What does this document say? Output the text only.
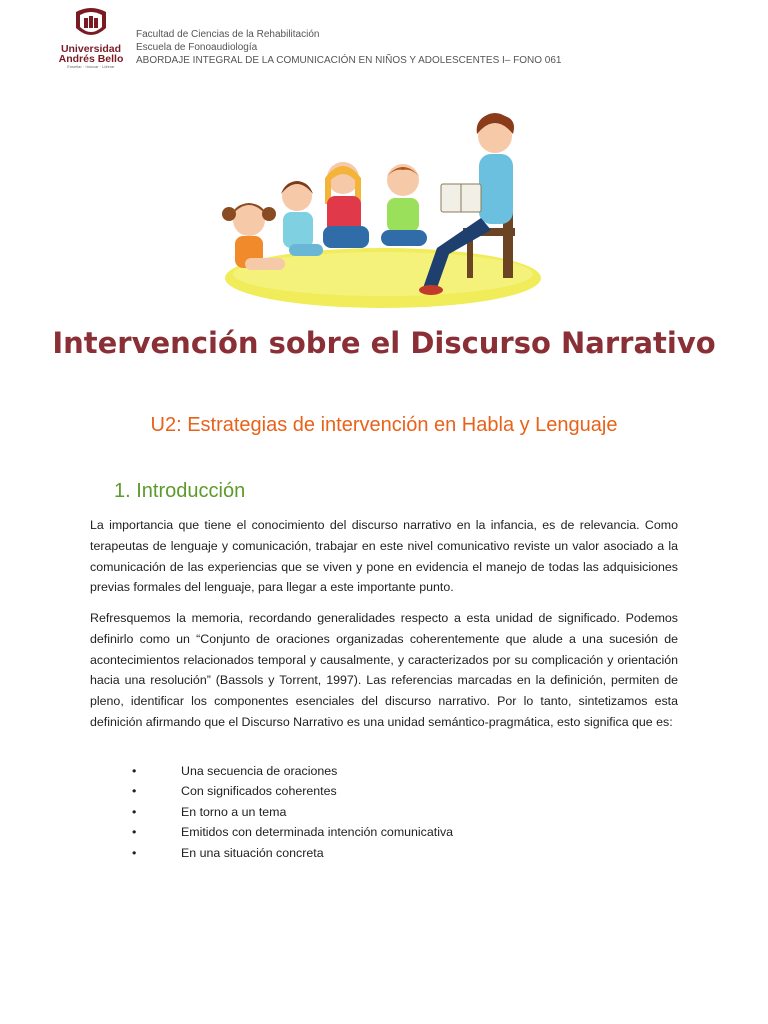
Universidad Andrés Bello
Enseñar · Innovar · Liderar
Facultad de Ciencias de la Rehabilitación
Escuela de Fonoaudiología
ABORDAJE INTEGRAL DE LA COMUNICACIÓN EN NIÑOS Y ADOLESCENTES I– FONO 061
Intervención sobre el Discurso Narrativo
U2: Estrategias de intervención en Habla y Lenguaje
1. Introducción
La importancia que tiene el conocimiento del discurso narrativo en la infancia, es de relevancia. Como terapeutas de lenguaje y comunicación, trabajar en este nivel comunicativo reviste un valor asociado a la comunicación de las experiencias que se viven y pone en evidencia el manejo de todas las adquisiciones previas formales del lenguaje, para llegar a este importante punto.
Refresquemos la memoria, recordando generalidades respecto a esta unidad de significado. Podemos definirlo como un “Conjunto de oraciones organizadas coherentemente que alude a una sucesión de acontecimientos relacionados temporal y causalmente, y caracterizados por su complicación y orientación hacia una resolución” (Bassols y Torrent, 1997). Las referencias marcadas en la definición, permiten de pleno, identificar los componentes esenciales del discurso narrativo. Por lo tanto, sintetizamos esta definición afirmando que el Discurso Narrativo es una unidad semántico-pragmática, esto significa que es:
•	Una secuencia de oraciones
•	Con significados coherentes
•	En torno a un tema
•	Emitidos con determinada intención comunicativa
•	En una situación concreta
